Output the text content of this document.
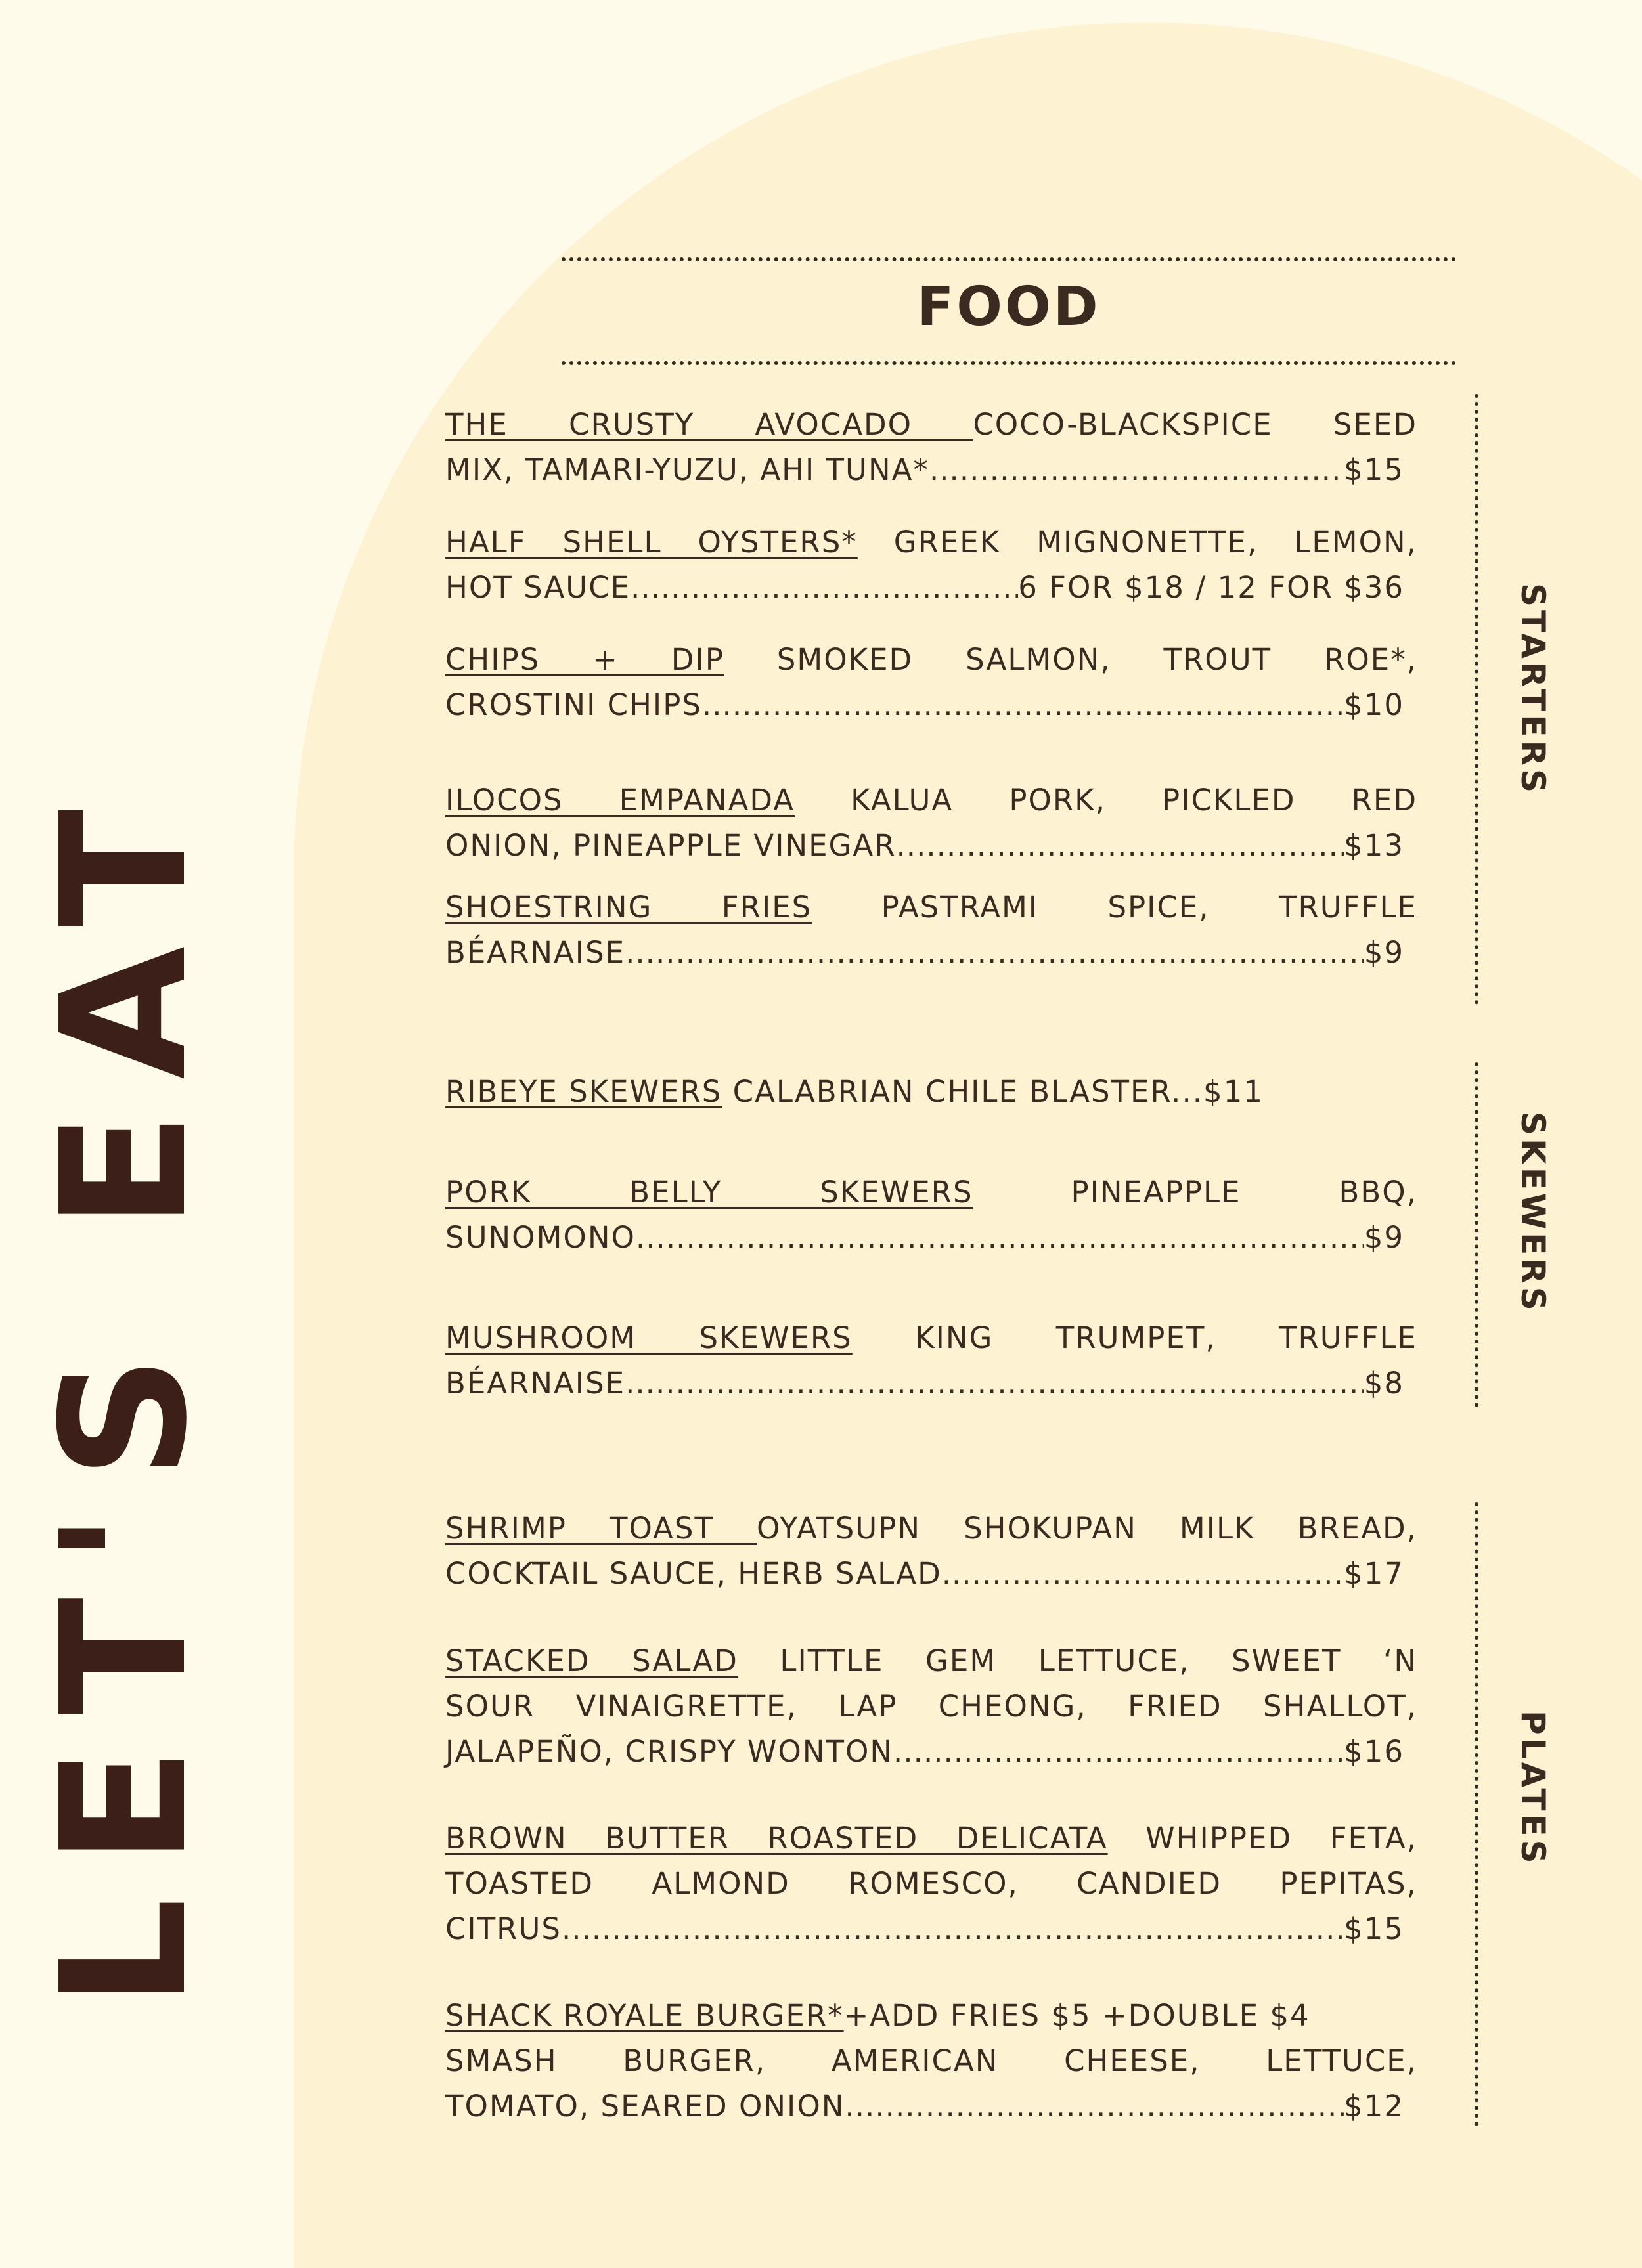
LET'S EAT
FOOD
STARTERS
SKEWERS
PLATES
THE CRUSTY AVOCADO COCO-BLACKSPICE SEED
MIX, TAMARI-YUZU, AHI TUNA* .....	$15
HALF SHELL OYSTERS* GREEK MIGNONETTE, LEMON,
HOT SAUCE .....	6 FOR $18 / 12 FOR $36
CHIPS + DIP SMOKED SALMON, TROUT ROE*,
CROSTINI CHIPS .....	$10
ILOCOS EMPANADA KALUA PORK, PICKLED RED
ONION, PINEAPPLE VINEGAR .....	$13
SHOESTRING FRIES PASTRAMI SPICE, TRUFFLE
BÉARNAISE .....	$9
RIBEYE SKEWERS CALABRIAN CHILE BLASTER...$11
PORK BELLY SKEWERS PINEAPPLE BBQ,
SUNOMONO .....	$9
MUSHROOM SKEWERS KING TRUMPET, TRUFFLE
BÉARNAISE .....	$8
SHRIMP TOAST OYATSUPN SHOKUPAN MILK BREAD,
COCKTAIL SAUCE, HERB SALAD .....	$17
STACKED SALAD LITTLE GEM LETTUCE, SWEET ‘N
SOUR VINAIGRETTE, LAP CHEONG, FRIED SHALLOT,
JALAPEÑO, CRISPY WONTON .....	$16
BROWN BUTTER ROASTED DELICATA WHIPPED FETA,
TOASTED ALMOND ROMESCO, CANDIED PEPITAS,
CITRUS .....	$15
SHACK ROYALE BURGER*+ADD FRIES $5 +DOUBLE $4
SMASH BURGER, AMERICAN CHEESE, LETTUCE,
TOMATO, SEARED ONION .....	$12
